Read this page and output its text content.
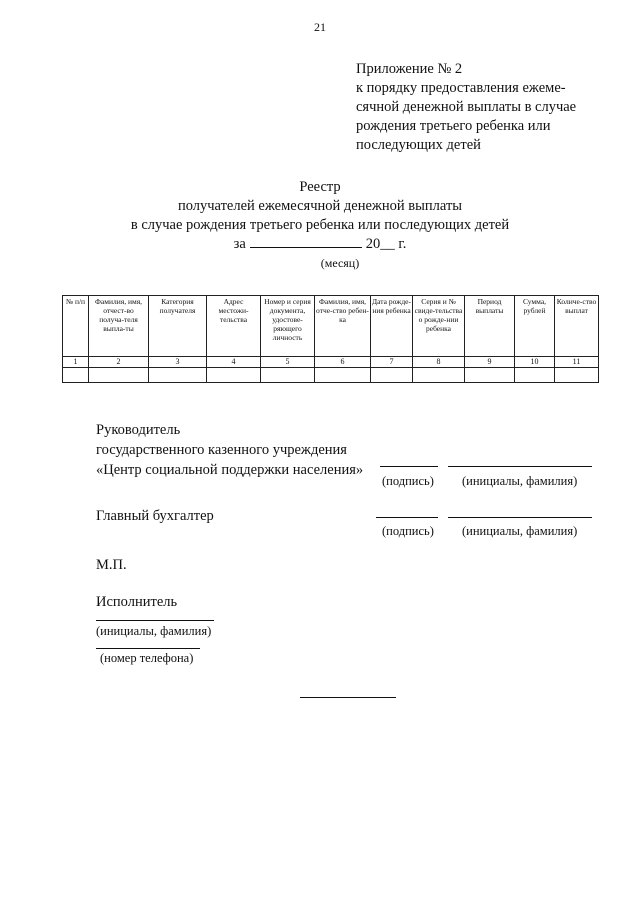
21
Приложение № 2
к порядку предоставления ежеме-
сячной денежной выплаты в случае
рождения третьего ребенка или
последующих детей
Реестр
получателей ежемесячной денежной выплаты
в случае рождения третьего ребенка или последующих детей
за	20__ г.
(месяц)
№ п/п	Фамилия, имя, отчест-во получа-теля выпла-ты	Категория получателя	Адрес местожи-тельства	Номер и серия документа, удостове-ряющего личность	Фамилия, имя, отче-ство ребен-ка	Дата рожде-ния ребенка	Серия и № свиде-тельства о рожде-нии ребенка	Период выплаты	Сумма, рублей	Количе-ство выплат
1	2	3	4	5	6	7	8	9	10	11

Руководитель
государственного казенного учреждения
«Центр социальной поддержки населения»
(подпись) (инициалы, фамилия)
Главный бухгалтер
(подпись) (инициалы, фамилия)
М.П.
Исполнитель
(инициалы, фамилия)
(номер телефона)
